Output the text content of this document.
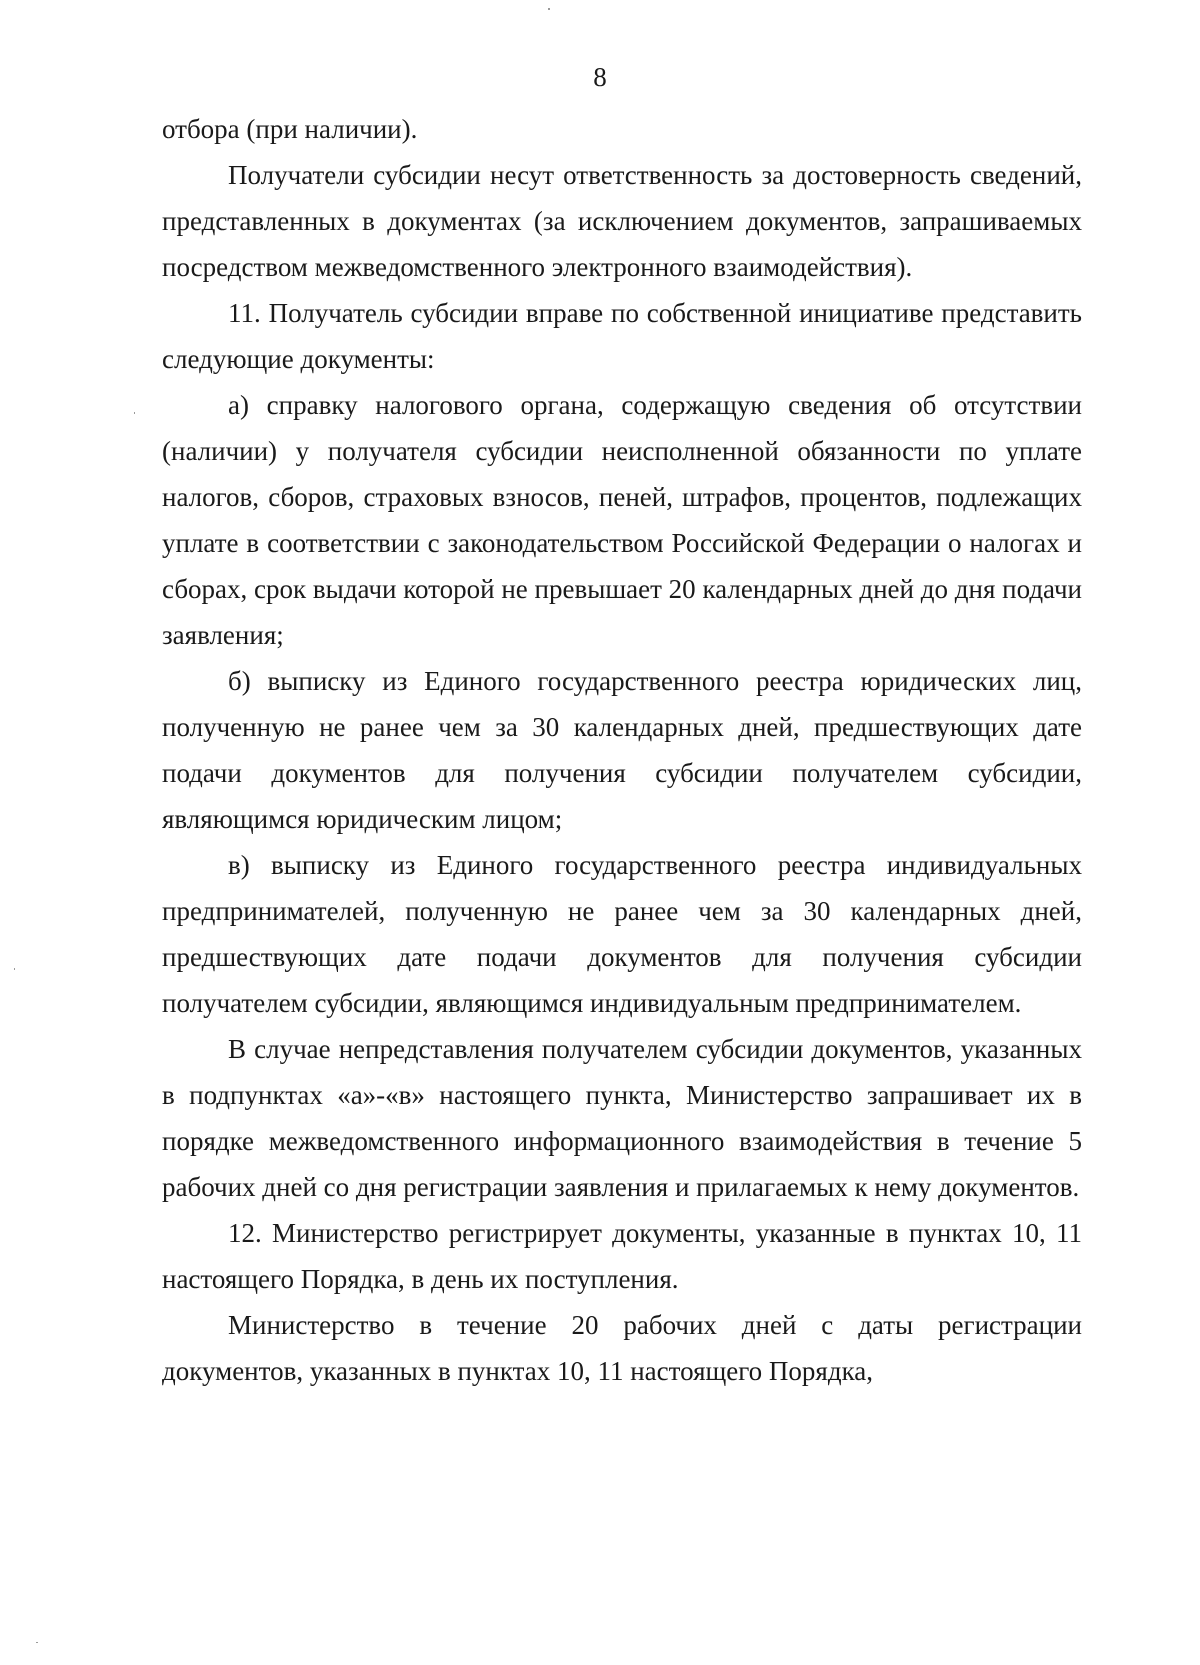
8

отбора (при наличии).

Получатели субсидии несут ответственность за достоверность сведений, представленных в документах (за исключением документов, запрашиваемых посредством межведомственного электронного взаимодействия).

11. Получатель субсидии вправе по собственной инициативе представить следующие документы:

а) справку налогового органа, содержащую сведения об отсутствии (наличии) у получателя субсидии неисполненной обязанности по уплате налогов, сборов, страховых взносов, пеней, штрафов, процентов, подлежащих уплате в соответствии с законодательством Российской Федерации о налогах и сборах, срок выдачи которой не превышает 20 календарных дней до дня подачи заявления;

б) выписку из Единого государственного реестра юридических лиц, полученную не ранее чем за 30 календарных дней, предшествующих дате подачи документов для получения субсидии получателем субсидии, являющимся юридическим лицом;

в) выписку из Единого государственного реестра индивидуальных предпринимателей, полученную не ранее чем за 30 календарных дней, предшествующих дате подачи документов для получения субсидии получателем субсидии, являющимся индивидуальным предпринимателем.

В случае непредставления получателем субсидии документов, указанных в подпунктах «а»-«в» настоящего пункта, Министерство запрашивает их в порядке межведомственного информационного взаимодействия в течение 5 рабочих дней со дня регистрации заявления и прилагаемых к нему документов.

12. Министерство регистрирует документы, указанные в пунктах 10, 11 настоящего Порядка, в день их поступления.

Министерство в течение 20 рабочих дней с даты регистрации документов, указанных в пунктах 10, 11 настоящего Порядка,
